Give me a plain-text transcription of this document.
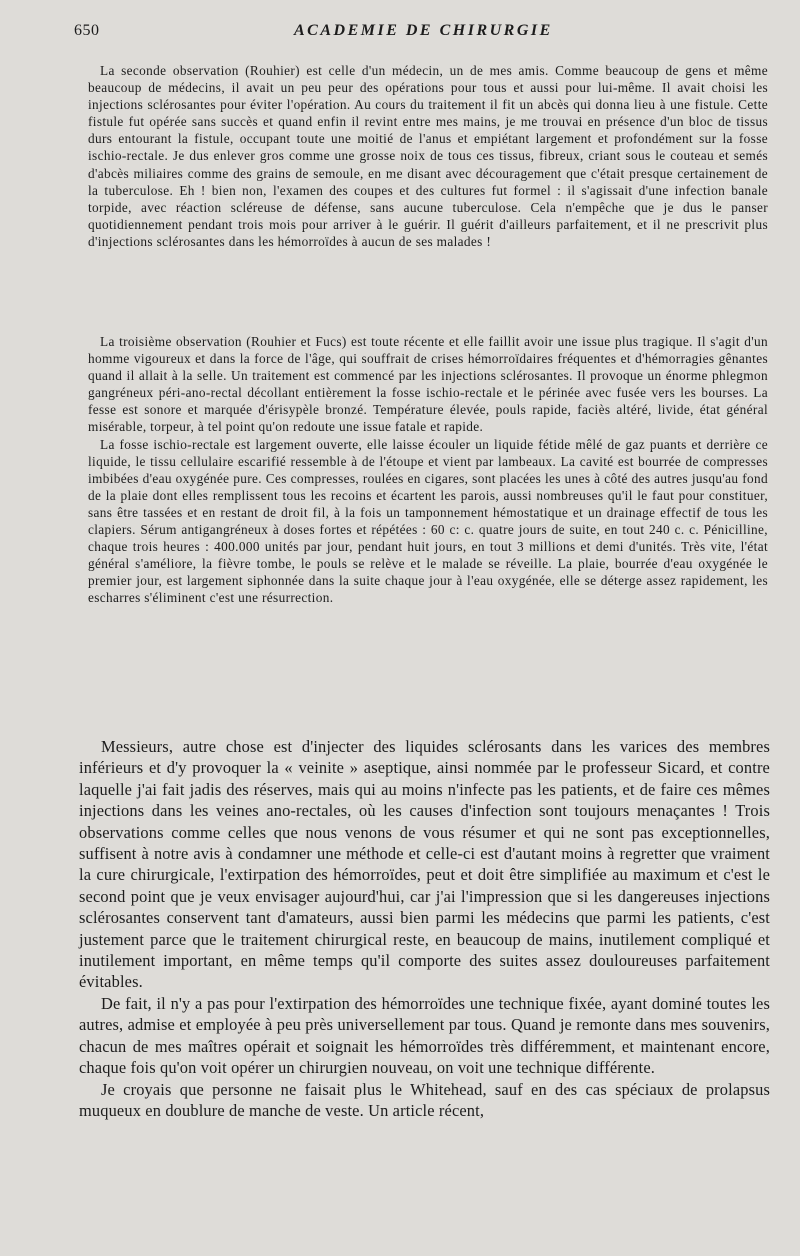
650	ACADEMIE DE CHIRURGIE

La seconde observation (Rouhier) est celle d'un médecin, un de mes amis. Comme beaucoup de gens et même beaucoup de médecins, il avait un peu peur des opérations pour tous et aussi pour lui-même. Il avait choisi les injections sclérosantes pour éviter l'opération. Au cours du traitement il fit un abcès qui donna lieu à une fistule. Cette fistule fut opérée sans succès et quand enfin il revint entre mes mains, je me trouvai en présence d'un bloc de tissus durs entourant la fistule, occupant toute une moitié de l'anus et empiétant largement et profondément sur la fosse ischio-rectale. Je dus enlever gros comme une grosse noix de tous ces tissus, fibreux, criant sous le couteau et semés d'abcès miliaires comme des grains de semoule, en me disant avec découragement que c'était presque certainement de la tuberculose. Eh ! bien non, l'examen des coupes et des cultures fut formel : il s'agissait d'une infection banale torpide, avec réaction scléreuse de défense, sans aucune tuberculose. Cela n'empêche que je dus le panser quotidiennement pendant trois mois pour arriver à le guérir. Il guérit d'ailleurs parfaitement, et il ne prescrivit plus d'injections sclérosantes dans les hémorroïdes à aucun de ses malades !

La troisième observation (Rouhier et Fucs) est toute récente et elle faillit avoir une issue plus tragique. Il s'agit d'un homme vigoureux et dans la force de l'âge, qui souffrait de crises hémorroïdaires fréquentes et d'hémorragies gênantes quand il allait à la selle. Un traitement est commencé par les injections sclérosantes. Il provoque un énorme phlegmon gangréneux péri-ano-rectal décollant entièrement la fosse ischio-rectale et le périnée avec fusée vers les bourses. La fesse est sonore et marquée d'érisypèle bronzé. Température élevée, pouls rapide, faciès altéré, livide, état général misérable, torpeur, à tel point qu'on redoute une issue fatale et rapide.

La fosse ischio-rectale est largement ouverte, elle laisse écouler un liquide fétide mêlé de gaz puants et derrière ce liquide, le tissu cellulaire escarifié ressemble à de l'étoupe et vient par lambeaux. La cavité est bourrée de compresses imbibées d'eau oxygénée pure. Ces compresses, roulées en cigares, sont placées les unes à côté des autres jusqu'au fond de la plaie dont elles remplissent tous les recoins et écartent les parois, aussi nombreuses qu'il le faut pour constituer, sans être tassées et en restant de droit fil, à la fois un tamponnement hémostatique et un drainage effectif de tous les clapiers. Sérum antigangréneux à doses fortes et répétées : 60 c: c. quatre jours de suite, en tout 240 c. c. Pénicilline, chaque trois heures : 400.000 unités par jour, pendant huit jours, en tout 3 millions et demi d'unités. Très vite, l'état général s'améliore, la fièvre tombe, le pouls se relève et le malade se réveille. La plaie, bourrée d'eau oxygénée le premier jour, est largement siphonnée dans la suite chaque jour à l'eau oxygénée, elle se déterge assez rapidement, les escharres s'éliminent c'est une résurrection.

Messieurs, autre chose est d'injecter des liquides sclérosants dans les varices des membres inférieurs et d'y provoquer la « veinite » aseptique, ainsi nommée par le professeur Sicard, et contre laquelle j'ai fait jadis des réserves, mais qui au moins n'infecte pas les patients, et de faire ces mêmes injections dans les veines ano-rectales, où les causes d'infection sont toujours menaçantes ! Trois observations comme celles que nous venons de vous résumer et qui ne sont pas exceptionnelles, suffisent à notre avis à condamner une méthode et celle-ci est d'autant moins à regretter que vraiment la cure chirurgicale, l'extirpation des hémorroïdes, peut et doit être simplifiée au maximum et c'est le second point que je veux envisager aujourd'hui, car j'ai l'impression que si les dangereuses injections sclérosantes conservent tant d'amateurs, aussi bien parmi les médecins que parmi les patients, c'est justement parce que le traitement chirurgical reste, en beaucoup de mains, inutilement compliqué et inutilement important, en même temps qu'il comporte des suites assez douloureuses parfaitement évitables.

De fait, il n'y a pas pour l'extirpation des hémorroïdes une technique fixée, ayant dominé toutes les autres, admise et employée à peu près universellement par tous. Quand je remonte dans mes souvenirs, chacun de mes maîtres opérait et soignait les hémorroïdes très différemment, et maintenant encore, chaque fois qu'on voit opérer un chirurgien nouveau, on voit une technique différente.

Je croyais que personne ne faisait plus le Whitehead, sauf en des cas spéciaux de prolapsus muqueux en doublure de manche de veste. Un article récent,
